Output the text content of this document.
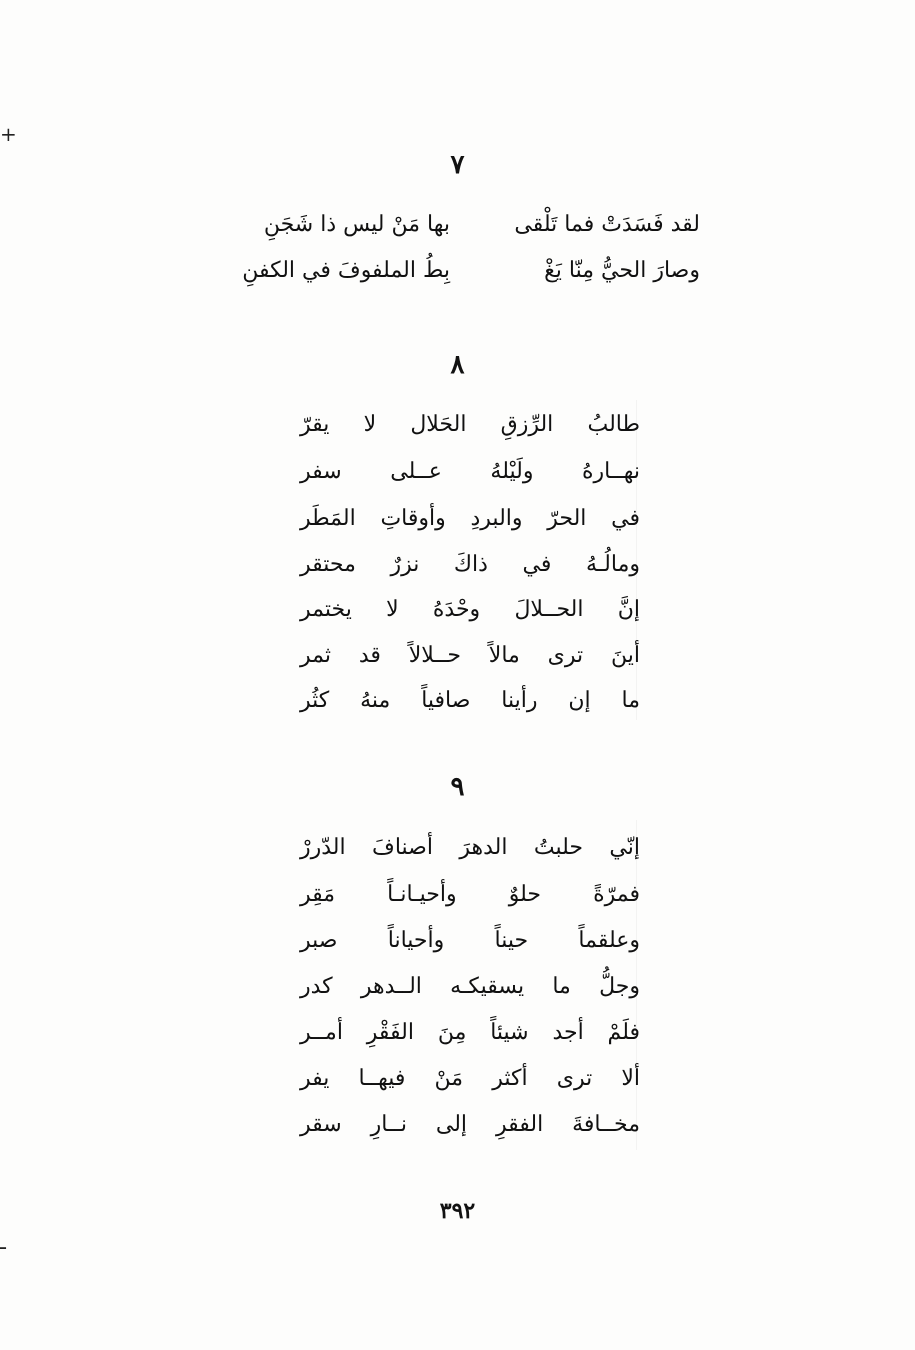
+
ـ
٧
لقد فَسَدَتْ فما تَلْقى
بها مَنْ ليس ذا شَجَنِ
وصارَ الحيُّ مِنّا يَغْ
بِطُ الملفوفَ في الكفنِ
٨
طالبُ الرِّزقِ الحَلال لا يقرّ
نهــارهُ ولَيْلهُ عــلى سفر
في الحرّ والبردِ وأوقاتِ المَطَر
ومالُـهُ في ذاكَ نزرٌ محتقر
إنَّ الحــلالَ وحْدَهُ لا يختمر
أينَ ترى مالاً حــلالاً قد ثمر
ما إن رأينا صافياً منهُ كثُر
٩
إنّي حلبتُ الدهرَ أصنافَ الدّررْ
فمرّةً حلوٌ وأحيـانـاً مَقِر
وعلقماً حيناً وأحياناً صبر
وجلُّ ما يسقيكـه الــدهر كدر
فلَمْ أجد شيئاً مِنَ الفَقْرِ أمــر
ألا ترى أكثر مَنْ فيهــا يفر
مخــافةَ الفقرِ إلى نــارِ سقر
٣٩٢
